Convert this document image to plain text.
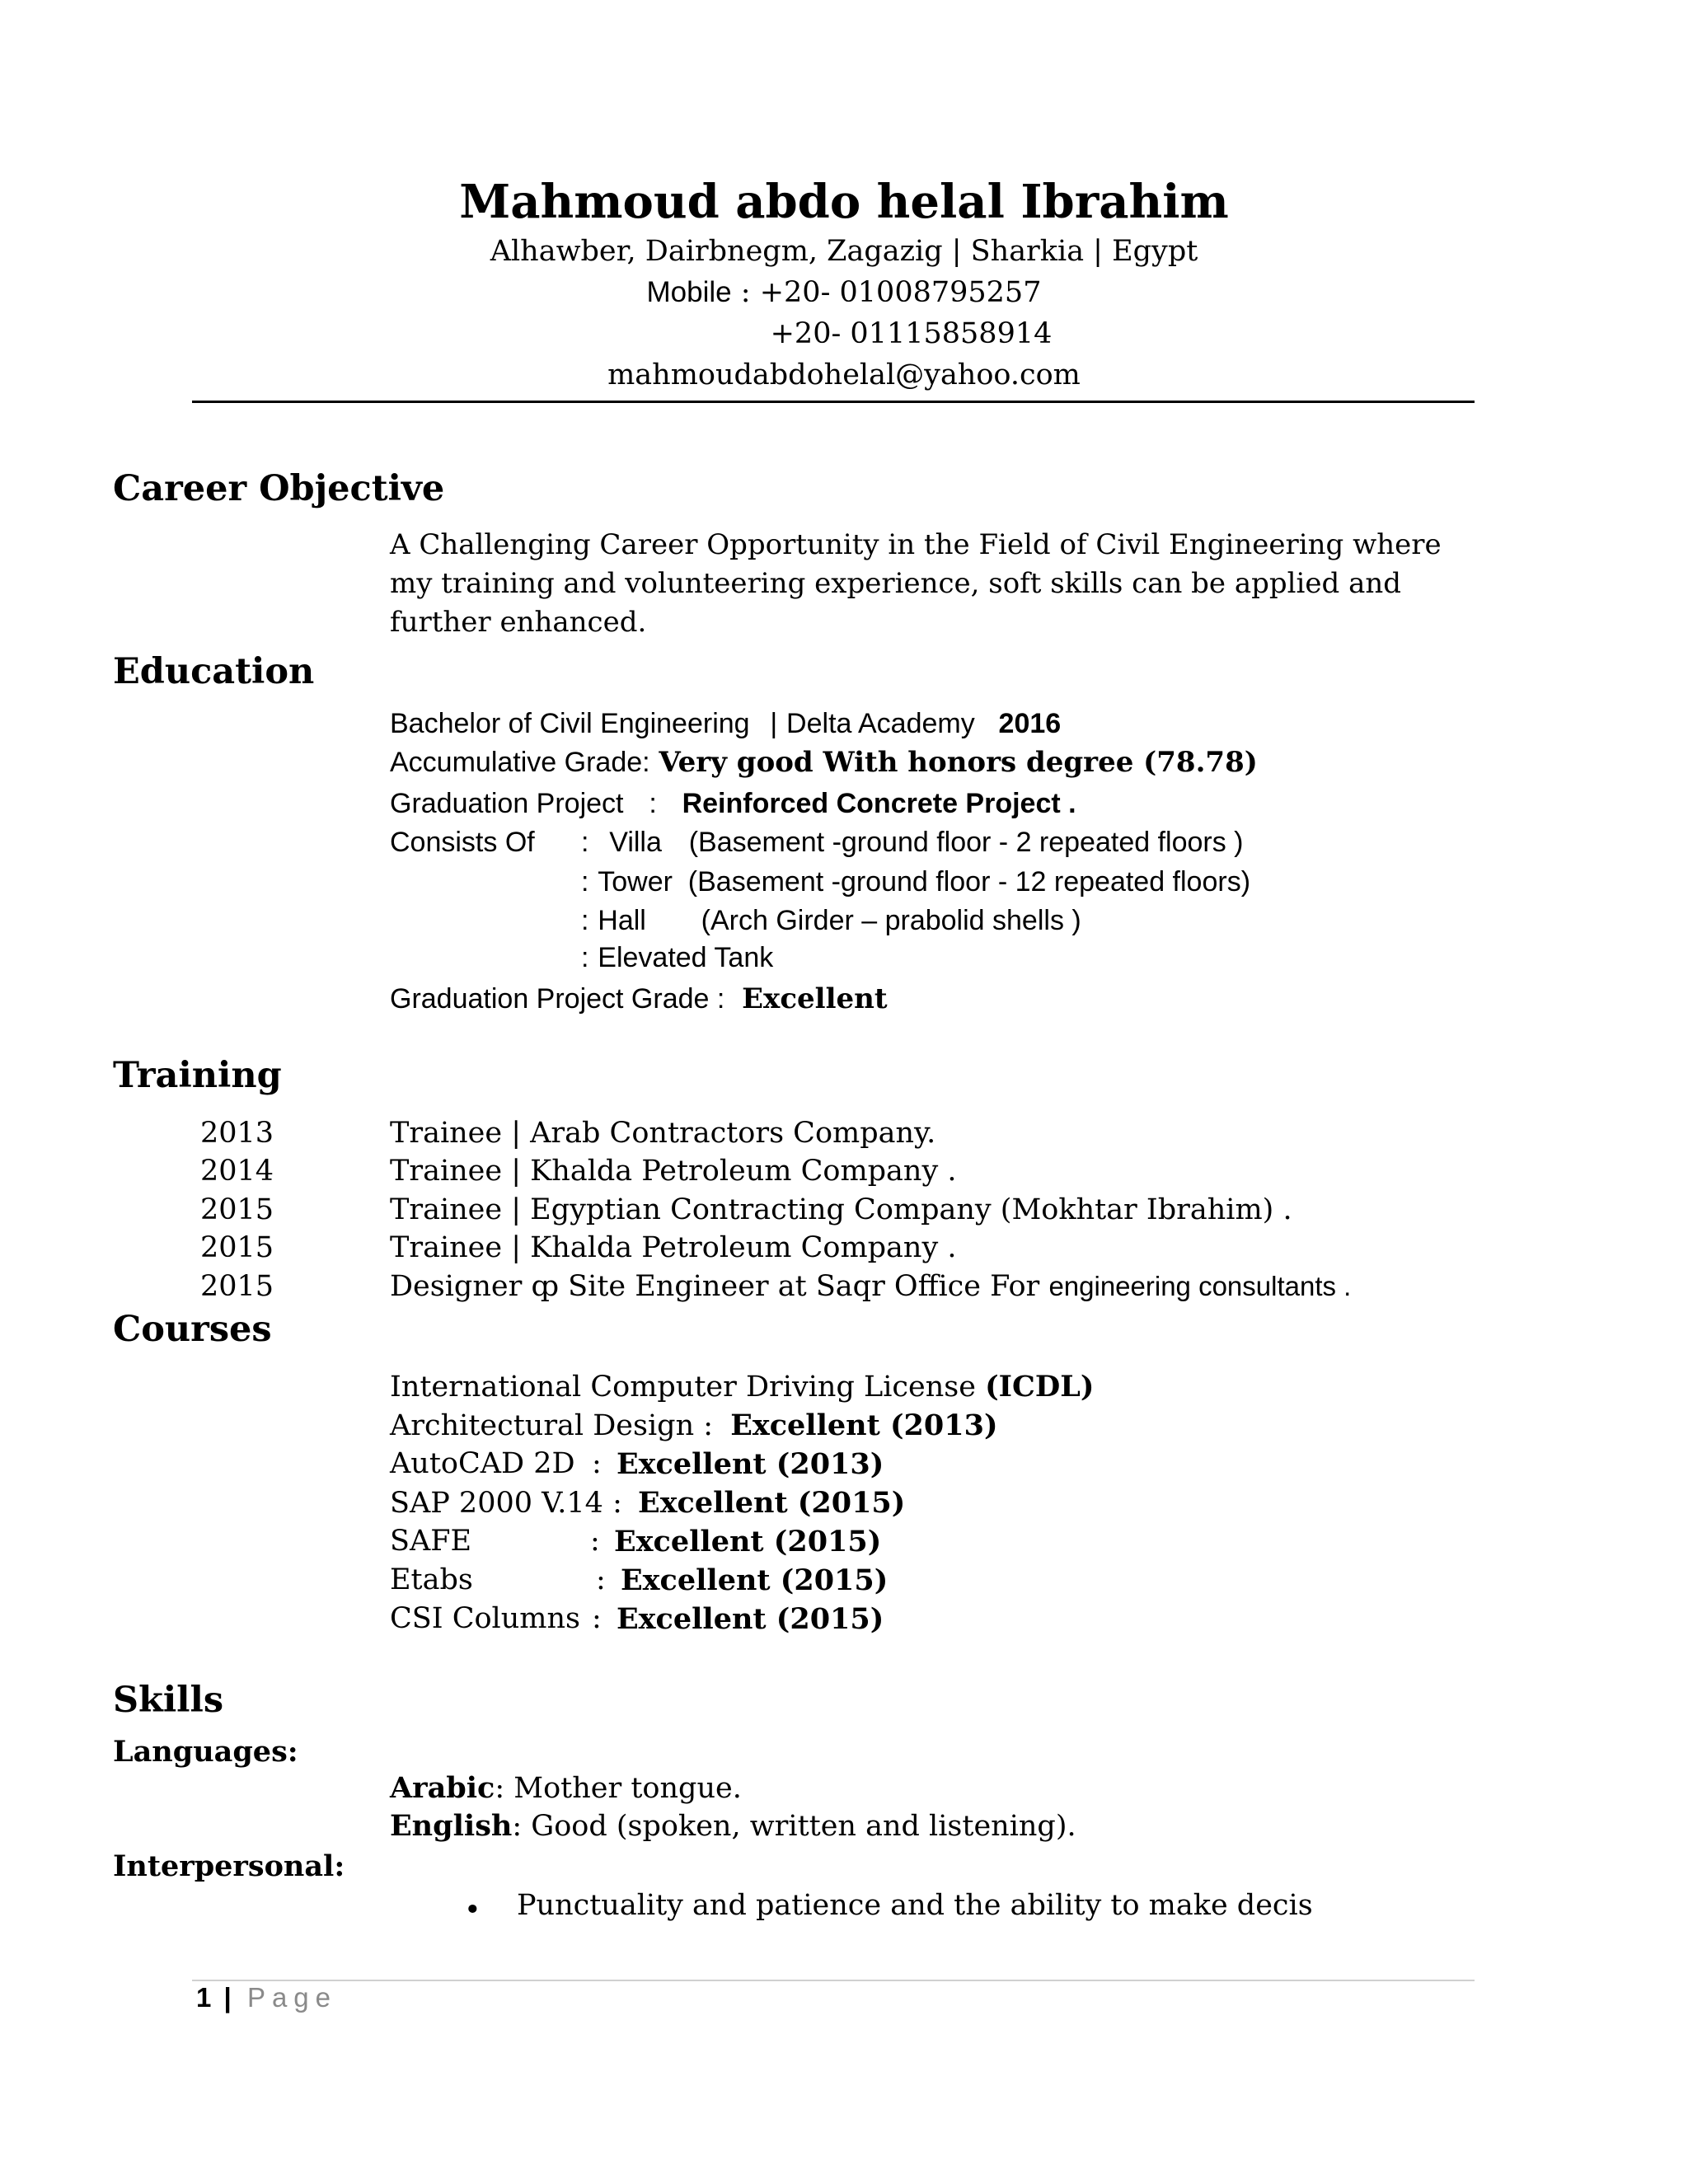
Mahmoud abdo helal Ibrahim
Alhawber, Dairbnegm, Zagazig | Sharkia | Egypt
Mobile : +20- 01008795257
+20- 01115858914
mahmoudabdohelal@yahoo.com
Career Objective
A Challenging Career Opportunity in the Field of Civil Engineering where my training and volunteering experience, soft skills can be applied and further enhanced.
Education
Bachelor of Civil Engineering | Delta Academy 2016
Accumulative Grade: Very good With honors degree (78.78)
Graduation Project : Reinforced Concrete Project .
Consists Of : Villa (Basement -ground floor - 2 repeated floors )
: Tower (Basement -ground floor - 12 repeated floors)
: Hall (Arch Girder – prabolid shells )
: Elevated Tank
Graduation Project Grade : Excellent
Training
2013	Trainee | Arab Contractors Company.
2014	Trainee | Khalda Petroleum Company .
2015	Trainee | Egyptian Contracting Company (Mokhtar Ibrahim) .
2015	Trainee | Khalda Petroleum Company .
2015	Designer ȹ Site Engineer at Saqr Office For engineering consultants .
Courses
International Computer Driving License (ICDL)
Architectural Design : Excellent (2013)
AutoCAD 2D : Excellent (2013)
SAP 2000 V.14 : Excellent (2015)
SAFE	: Excellent (2015)
Etabs	: Excellent (2015)
CSI Columns : Excellent (2015)
Skills
Languages:
Arabic: Mother tongue.
English: Good (spoken, written and listening).
Interpersonal:
• Punctuality and patience and the ability to make decis
1 | Page
